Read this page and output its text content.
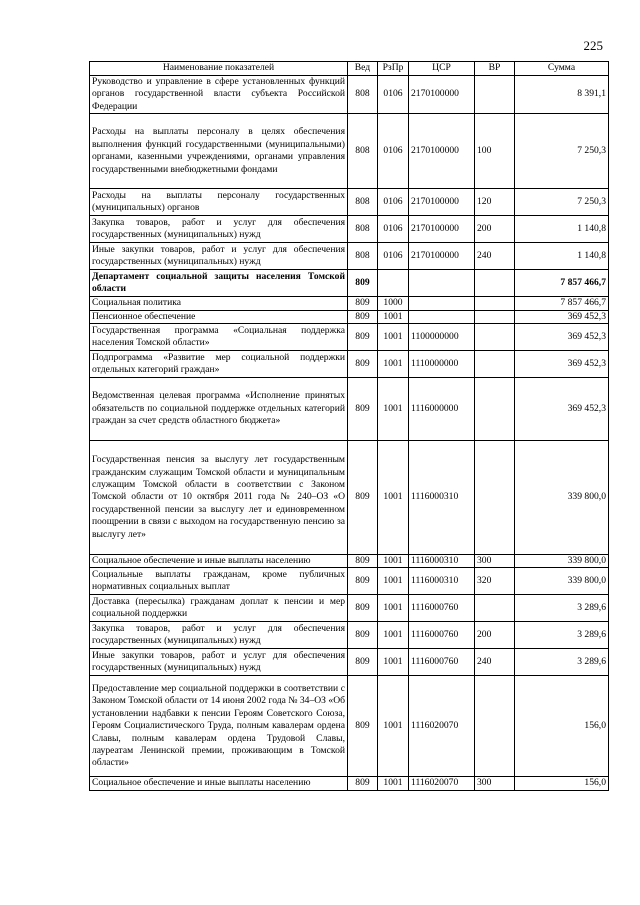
225
Наименование показателей	Вед	РзПр	ЦСР	ВР	Сумма
Руководство и управление в сфере установленных функций органов государственной власти субъекта Российской Федерации	808	0106	2170100000		8 391,1
Расходы на выплаты персоналу в целях обеспечения выполнения функций государственными (муниципальными) органами, казенными учреждениями, органами управления государственными внебюджетными фондами	808	0106	2170100000	100	7 250,3
Расходы на выплаты персоналу государственных (муниципальных) органов	808	0106	2170100000	120	7 250,3
Закупка товаров, работ и услуг для обеспечения государственных (муниципальных) нужд	808	0106	2170100000	200	1 140,8
Иные закупки товаров, работ и услуг для обеспечения государственных (муниципальных) нужд	808	0106	2170100000	240	1 140,8
Департамент социальной защиты населения Томской области	809				7 857 466,7
Социальная политика	809	1000			7 857 466,7
Пенсионное обеспечение	809	1001			369 452,3
Государственная программа «Социальная поддержка населения Томской области»	809	1001	1100000000		369 452,3
Подпрограмма «Развитие мер социальной поддержки отдельных категорий граждан»	809	1001	1110000000		369 452,3
Ведомственная целевая программа «Исполнение принятых обязательств по социальной поддержке отдельных категорий граждан за счет средств областного бюджета»	809	1001	1116000000		369 452,3
Государственная пенсия за выслугу лет государственным гражданским служащим Томской области и муниципальным служащим Томской области в соответствии с Законом Томской области от 10 октября 2011 года № 240–ОЗ «О государственной пенсии за выслугу лет и единовременном поощрении в связи с выходом на государственную пенсию за выслугу лет»	809	1001	1116000310		339 800,0
Социальное обеспечение и иные выплаты населению	809	1001	1116000310	300	339 800,0
Социальные выплаты гражданам, кроме публичных нормативных социальных выплат	809	1001	1116000310	320	339 800,0
Доставка (пересылка) гражданам доплат к пенсии и мер социальной поддержки	809	1001	1116000760		3 289,6
Закупка товаров, работ и услуг для обеспечения государственных (муниципальных) нужд	809	1001	1116000760	200	3 289,6
Иные закупки товаров, работ и услуг для обеспечения государственных (муниципальных) нужд	809	1001	1116000760	240	3 289,6
Предоставление мер социальной поддержки в соответствии с Законом Томской области от 14 июня 2002 года № 34–ОЗ «Об установлении надбавки к пенсии Героям Советского Союза, Героям Социалистического Труда, полным кавалерам ордена Славы, полным кавалерам ордена Трудовой Славы, лауреатам Ленинской премии, проживающим в Томской области»	809	1001	1116020070		156,0
Социальное обеспечение и иные выплаты населению	809	1001	1116020070	300	156,0
